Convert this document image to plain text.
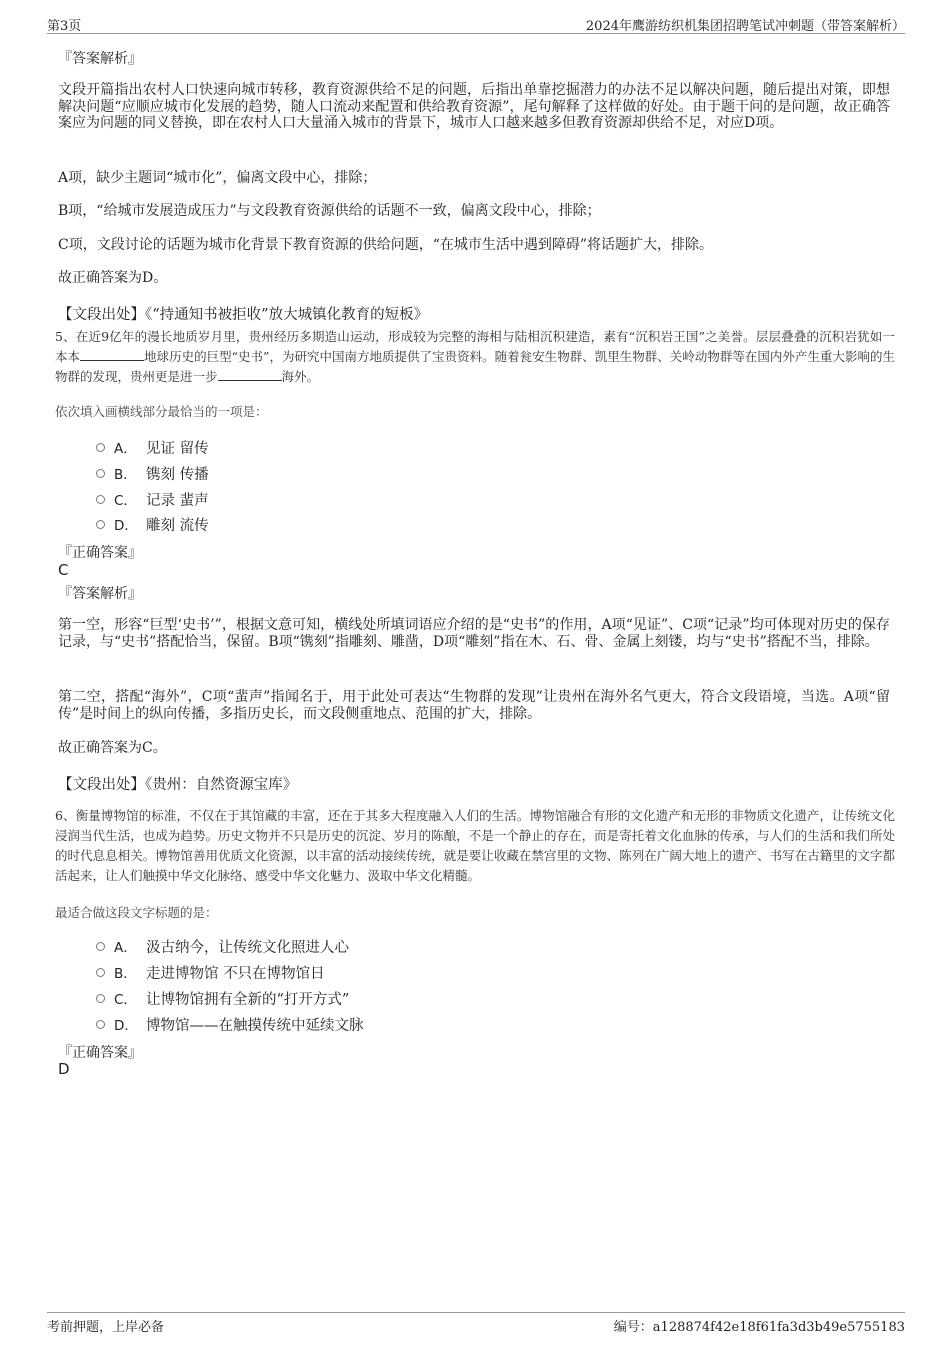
第3页	2024年鹰游纺织机集团招聘笔试冲刺题（带答案解析）
『答案解析』
文段开篇指出农村人口快速向城市转移，教育资源供给不足的问题，后指出单靠挖掘潜力的办法不足以解决问题，随后提出对策，即想解决问题“应顺应城市化发展的趋势，随人口流动来配置和供给教育资源”，尾句解释了这样做的好处。由于题干问的是问题，故正确答案应为问题的同义替换，即在农村人口大量涌入城市的背景下，城市人口越来越多但教育资源却供给不足，对应D项。
A项，缺少主题词“城市化”，偏离文段中心，排除；
B项，“给城市发展造成压力”与文段教育资源供给的话题不一致，偏离文段中心，排除；
C项，文段讨论的话题为城市化背景下教育资源的供给问题，“在城市生活中遇到障碍”将话题扩大，排除。
故正确答案为D。
【文段出处】《“持通知书被拒收”放大城镇化教育的短板》
5、在近9亿年的漫长地质岁月里，贵州经历多期造山运动，形成较为完整的海相与陆相沉积建造，素有“沉积岩王国”之美誉。层层叠叠的沉积岩犹如一本本	地球历史的巨型“史书”，为研究中国南方地质提供了宝贵资料。随着瓮安生物群、凯里生物群、关岭动物群等在国内外产生重大影响的生物群的发现，贵州更是进一步	海外。
依次填入画横线部分最恰当的一项是：
A． 见证 留传
B． 镌刻 传播
C． 记录 蜚声
D． 雕刻 流传
『正确答案』
C
『答案解析』
第一空，形容“巨型‘史书’”，根据文意可知，横线处所填词语应介绍的是“史书”的作用，A项“见证”、C项“记录”均可体现对历史的保存记录，与“史书”搭配恰当，保留。B项“镌刻”指雕刻、雕凿，D项“雕刻”指在木、石、骨、金属上刻镂，均与“史书”搭配不当，排除。
第二空，搭配“海外”，C项“蜚声”指闻名于，用于此处可表达“生物群的发现”让贵州在海外名气更大，符合文段语境，当选。A项“留传”是时间上的纵向传播，多指历史长，而文段侧重地点、范围的扩大，排除。
故正确答案为C。
【文段出处】《贵州：自然资源宝库》
6、衡量博物馆的标准，不仅在于其馆藏的丰富，还在于其多大程度融入人们的生活。博物馆融合有形的文化遗产和无形的非物质文化遗产，让传统文化浸润当代生活，也成为趋势。历史文物并不只是历史的沉淀、岁月的陈酿，不是一个静止的存在，而是寄托着文化血脉的传承，与人们的生活和我们所处的时代息息相关。博物馆善用优质文化资源，以丰富的活动接续传统，就是要让收藏在禁宫里的文物、陈列在广阔大地上的遗产、书写在古籍里的文字都活起来，让人们触摸中华文化脉络、感受中华文化魅力、汲取中华文化精髓。
最适合做这段文字标题的是：
A． 汲古纳今，让传统文化照进人心
B． 走进博物馆 不只在博物馆日
C． 让博物馆拥有全新的“打开方式”
D． 博物馆——在触摸传统中延续文脉
『正确答案』
D
考前押题，上岸必备	编号：a128874f42e18f61fa3d3b49e5755183
